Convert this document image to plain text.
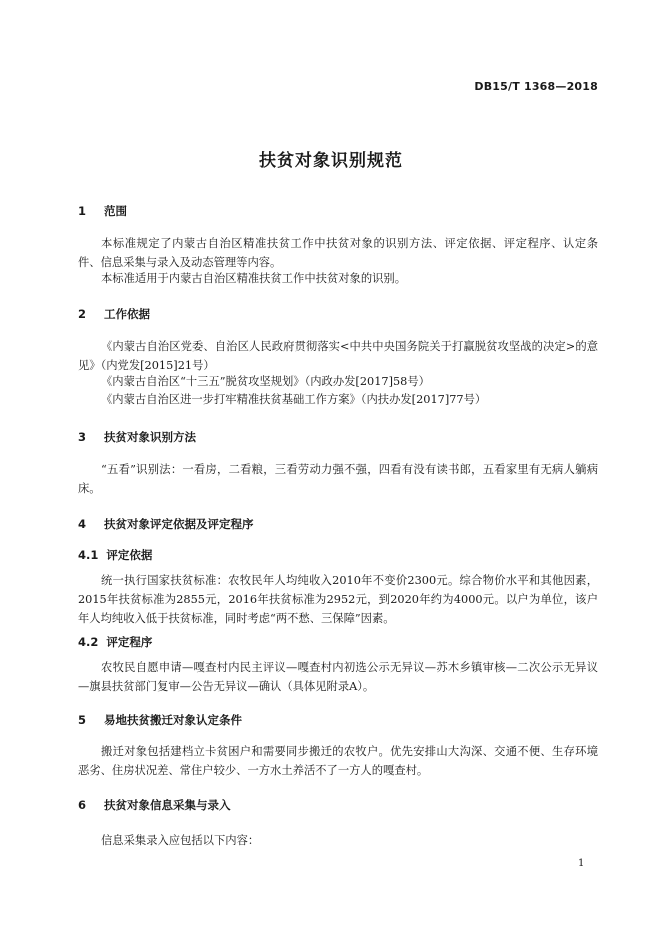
DB15/T 1368—2018
扶贫对象识别规范
1 范围
本标准规定了内蒙古自治区精准扶贫工作中扶贫对象的识别方法、评定依据、评定程序、认定条件、信息采集与录入及动态管理等内容。
本标准适用于内蒙古自治区精准扶贫工作中扶贫对象的识别。
2 工作依据
《内蒙古自治区党委、自治区人民政府贯彻落实<中共中央国务院关于打赢脱贫攻坚战的决定>的意见》（内党发[2015]21号）
《内蒙古自治区“十三五”脱贫攻坚规划》（内政办发[2017]58号）
《内蒙古自治区进一步打牢精准扶贫基础工作方案》（内扶办发[2017]77号）
3 扶贫对象识别方法
“五看”识别法：一看房，二看粮，三看劳动力强不强，四看有没有读书郎，五看家里有无病人躺病床。
4 扶贫对象评定依据及评定程序
4.1 评定依据
统一执行国家扶贫标准：农牧民年人均纯收入2010年不变价2300元。综合物价水平和其他因素，2015年扶贫标准为2855元，2016年扶贫标准为2952元，到2020年约为4000元。以户为单位，该户年人均纯收入低于扶贫标准，同时考虑“两不愁、三保障”因素。
4.2 评定程序
农牧民自愿申请—嘎查村内民主评议—嘎查村内初选公示无异议—苏木乡镇审核—二次公示无异议—旗县扶贫部门复审—公告无异议—确认（具体见附录A）。
5 易地扶贫搬迁对象认定条件
搬迁对象包括建档立卡贫困户和需要同步搬迁的农牧户。优先安排山大沟深、交通不便、生存环境恶劣、住房状况差、常住户较少、一方水土养活不了一方人的嘎查村。
6 扶贫对象信息采集与录入
信息采集录入应包括以下内容：
1
